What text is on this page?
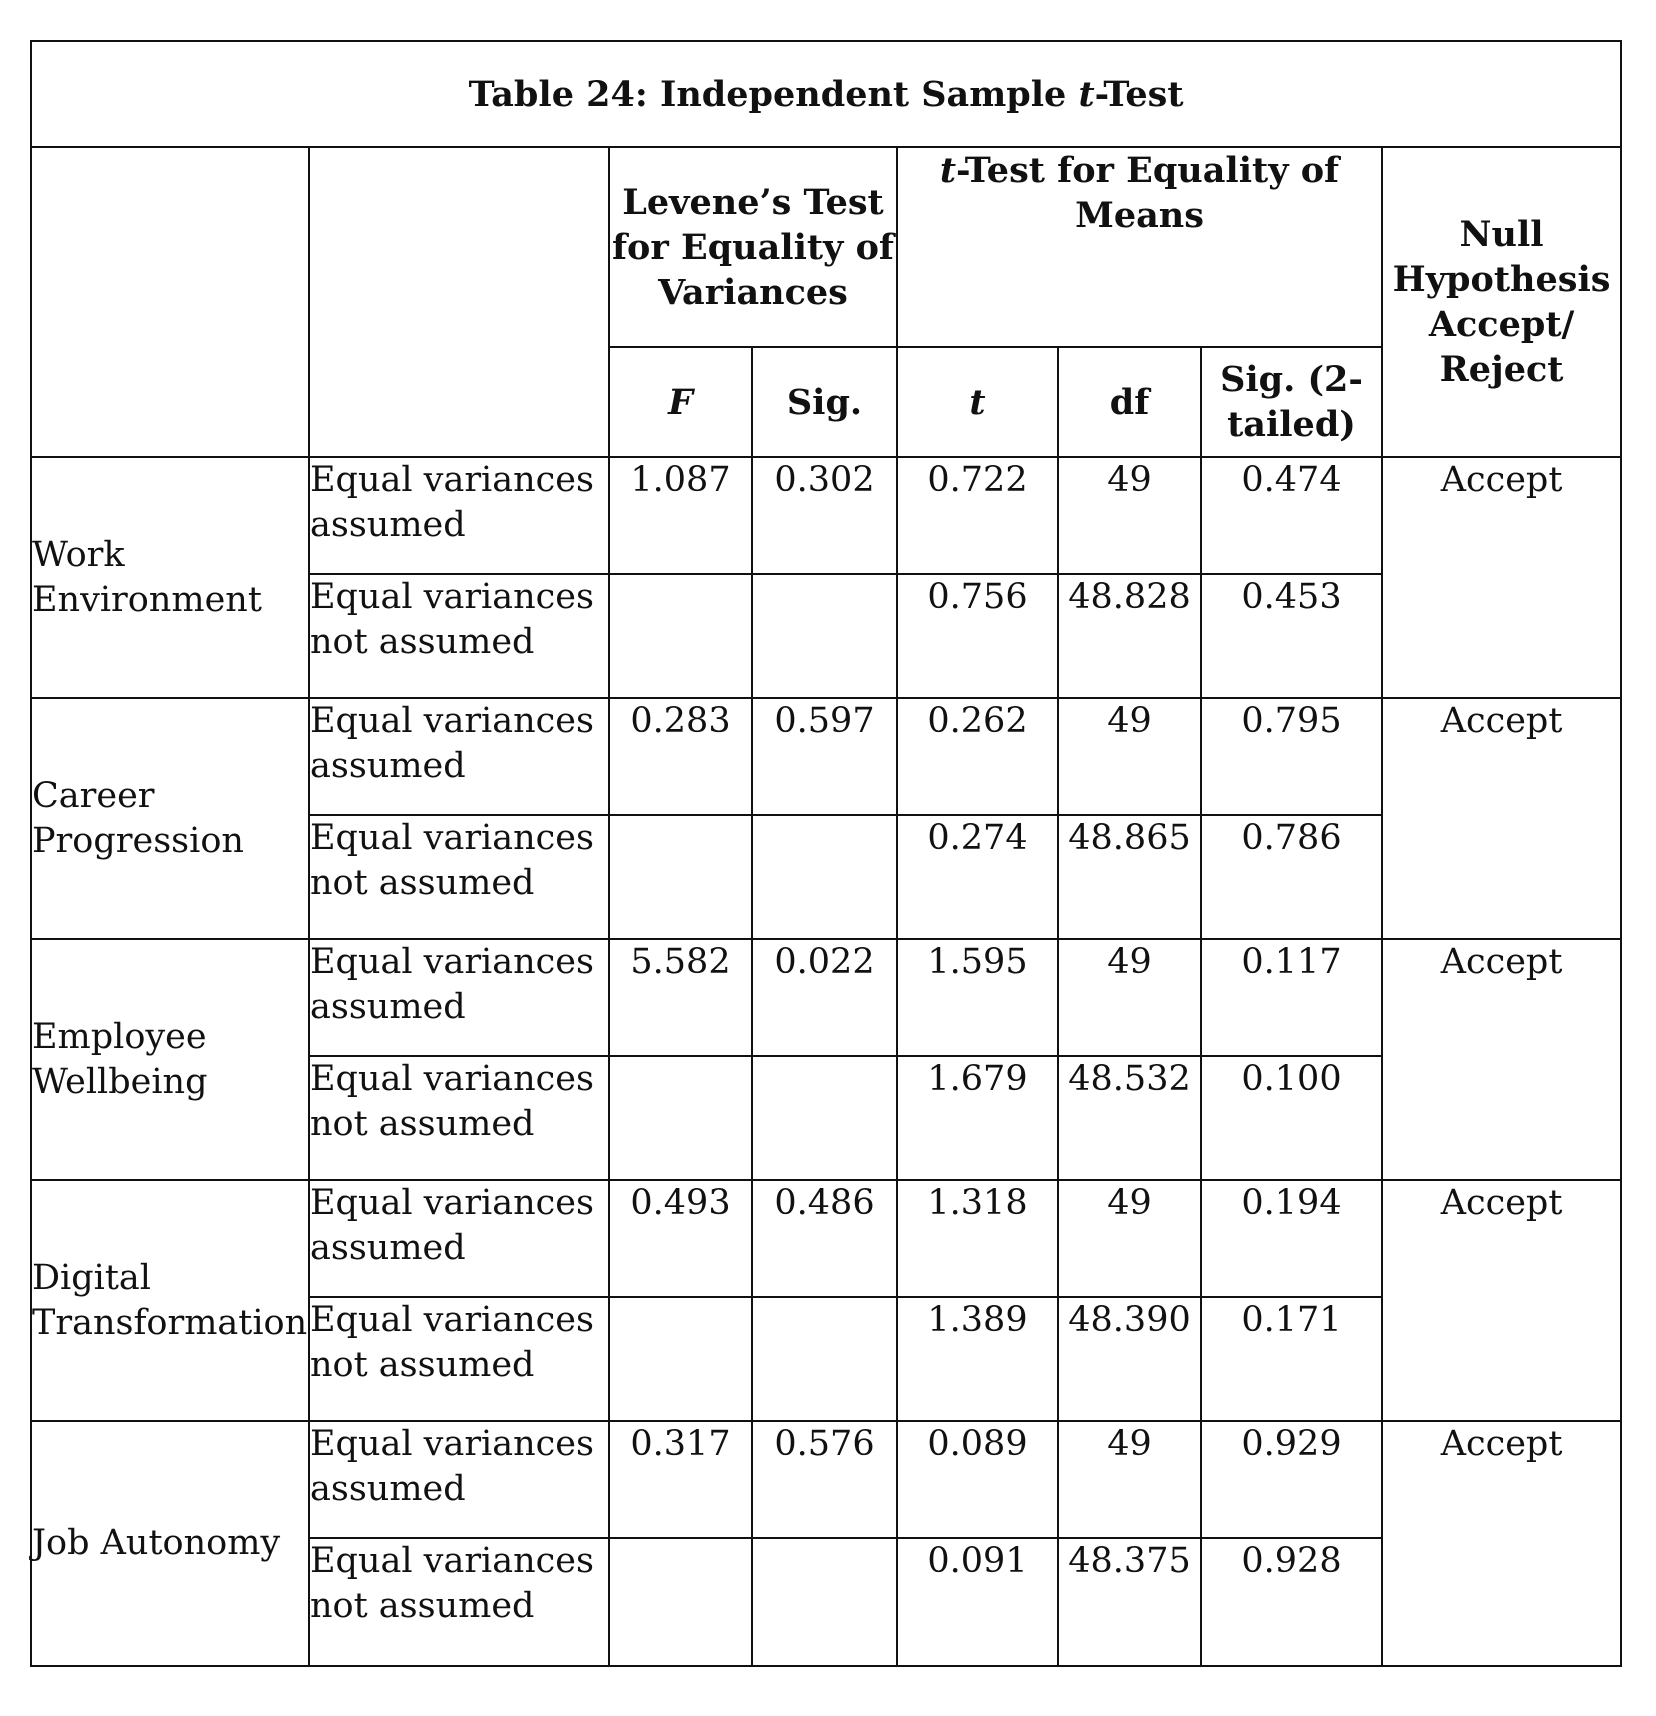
Table 24: Independent Sample t-Test							
		Levene’s Test for Equality of Variances		t-Test for Equality of Means			Null Hypothesis Accept/ Reject
		F	Sig.	t	df	Sig. (2-tailed)	
Work Environment	Equal variances assumed	1.087	0.302	0.722	49	0.474	Accept
	Equal variances not assumed			0.756	48.828	0.453	
Career Progression	Equal variances assumed	0.283	0.597	0.262	49	0.795	Accept
	Equal variances not assumed			0.274	48.865	0.786	
Employee Wellbeing	Equal variances assumed	5.582	0.022	1.595	49	0.117	Accept
	Equal variances not assumed			1.679	48.532	0.100	
Digital Transformation	Equal variances assumed	0.493	0.486	1.318	49	0.194	Accept
	Equal variances not assumed			1.389	48.390	0.171	
Job Autonomy	Equal variances assumed	0.317	0.576	0.089	49	0.929	Accept
	Equal variances not assumed			0.091	48.375	0.928	
